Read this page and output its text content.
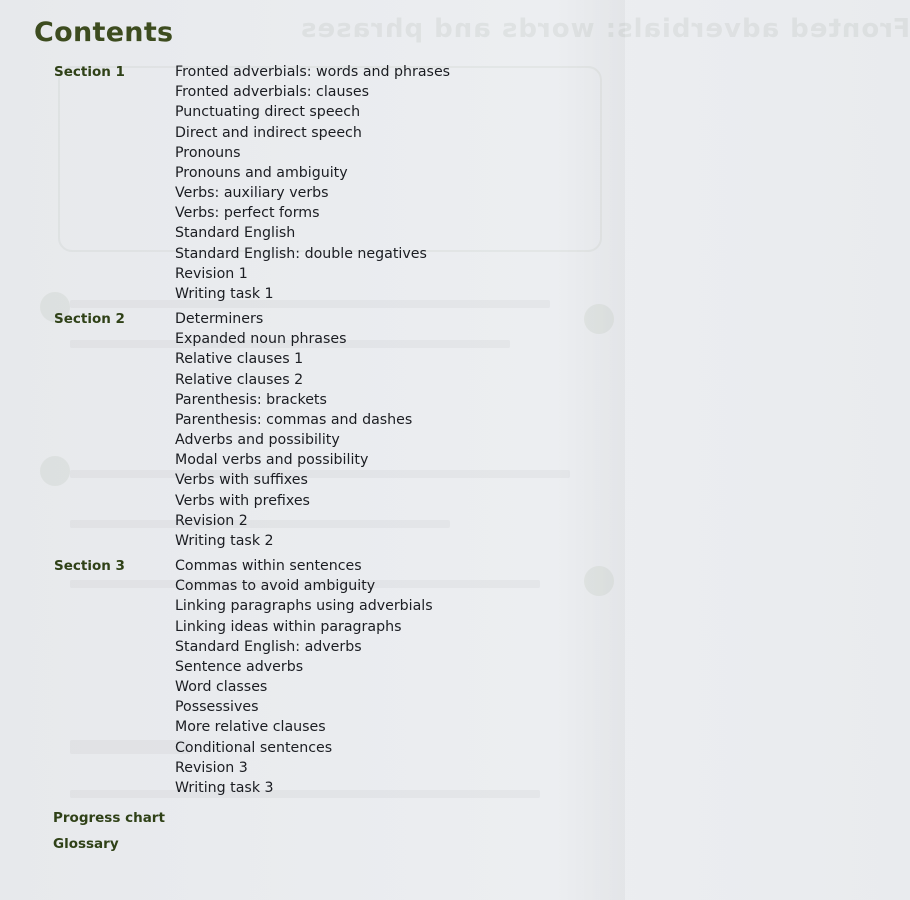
Fronted adverbials: words and phrases
Contents
Section 1	Fronted adverbials: words and phrases
Fronted adverbials: clauses
Punctuating direct speech
Direct and indirect speech
Pronouns
Pronouns and ambiguity
Verbs: auxiliary verbs
Verbs: perfect forms
Standard English
Standard English: double negatives
Revision 1
Writing task 1
Section 2	Determiners
Expanded noun phrases
Relative clauses 1
Relative clauses 2
Parenthesis: brackets
Parenthesis: commas and dashes
Adverbs and possibility
Modal verbs and possibility
Verbs with suffixes
Verbs with prefixes
Revision 2
Writing task 2
Section 3	Commas within sentences
Commas to avoid ambiguity
Linking paragraphs using adverbials
Linking ideas within paragraphs
Standard English: adverbs
Sentence adverbs
Word classes
Possessives
More relative clauses
Conditional sentences
Revision 3
Writing task 3
Progress chart
Glossary
